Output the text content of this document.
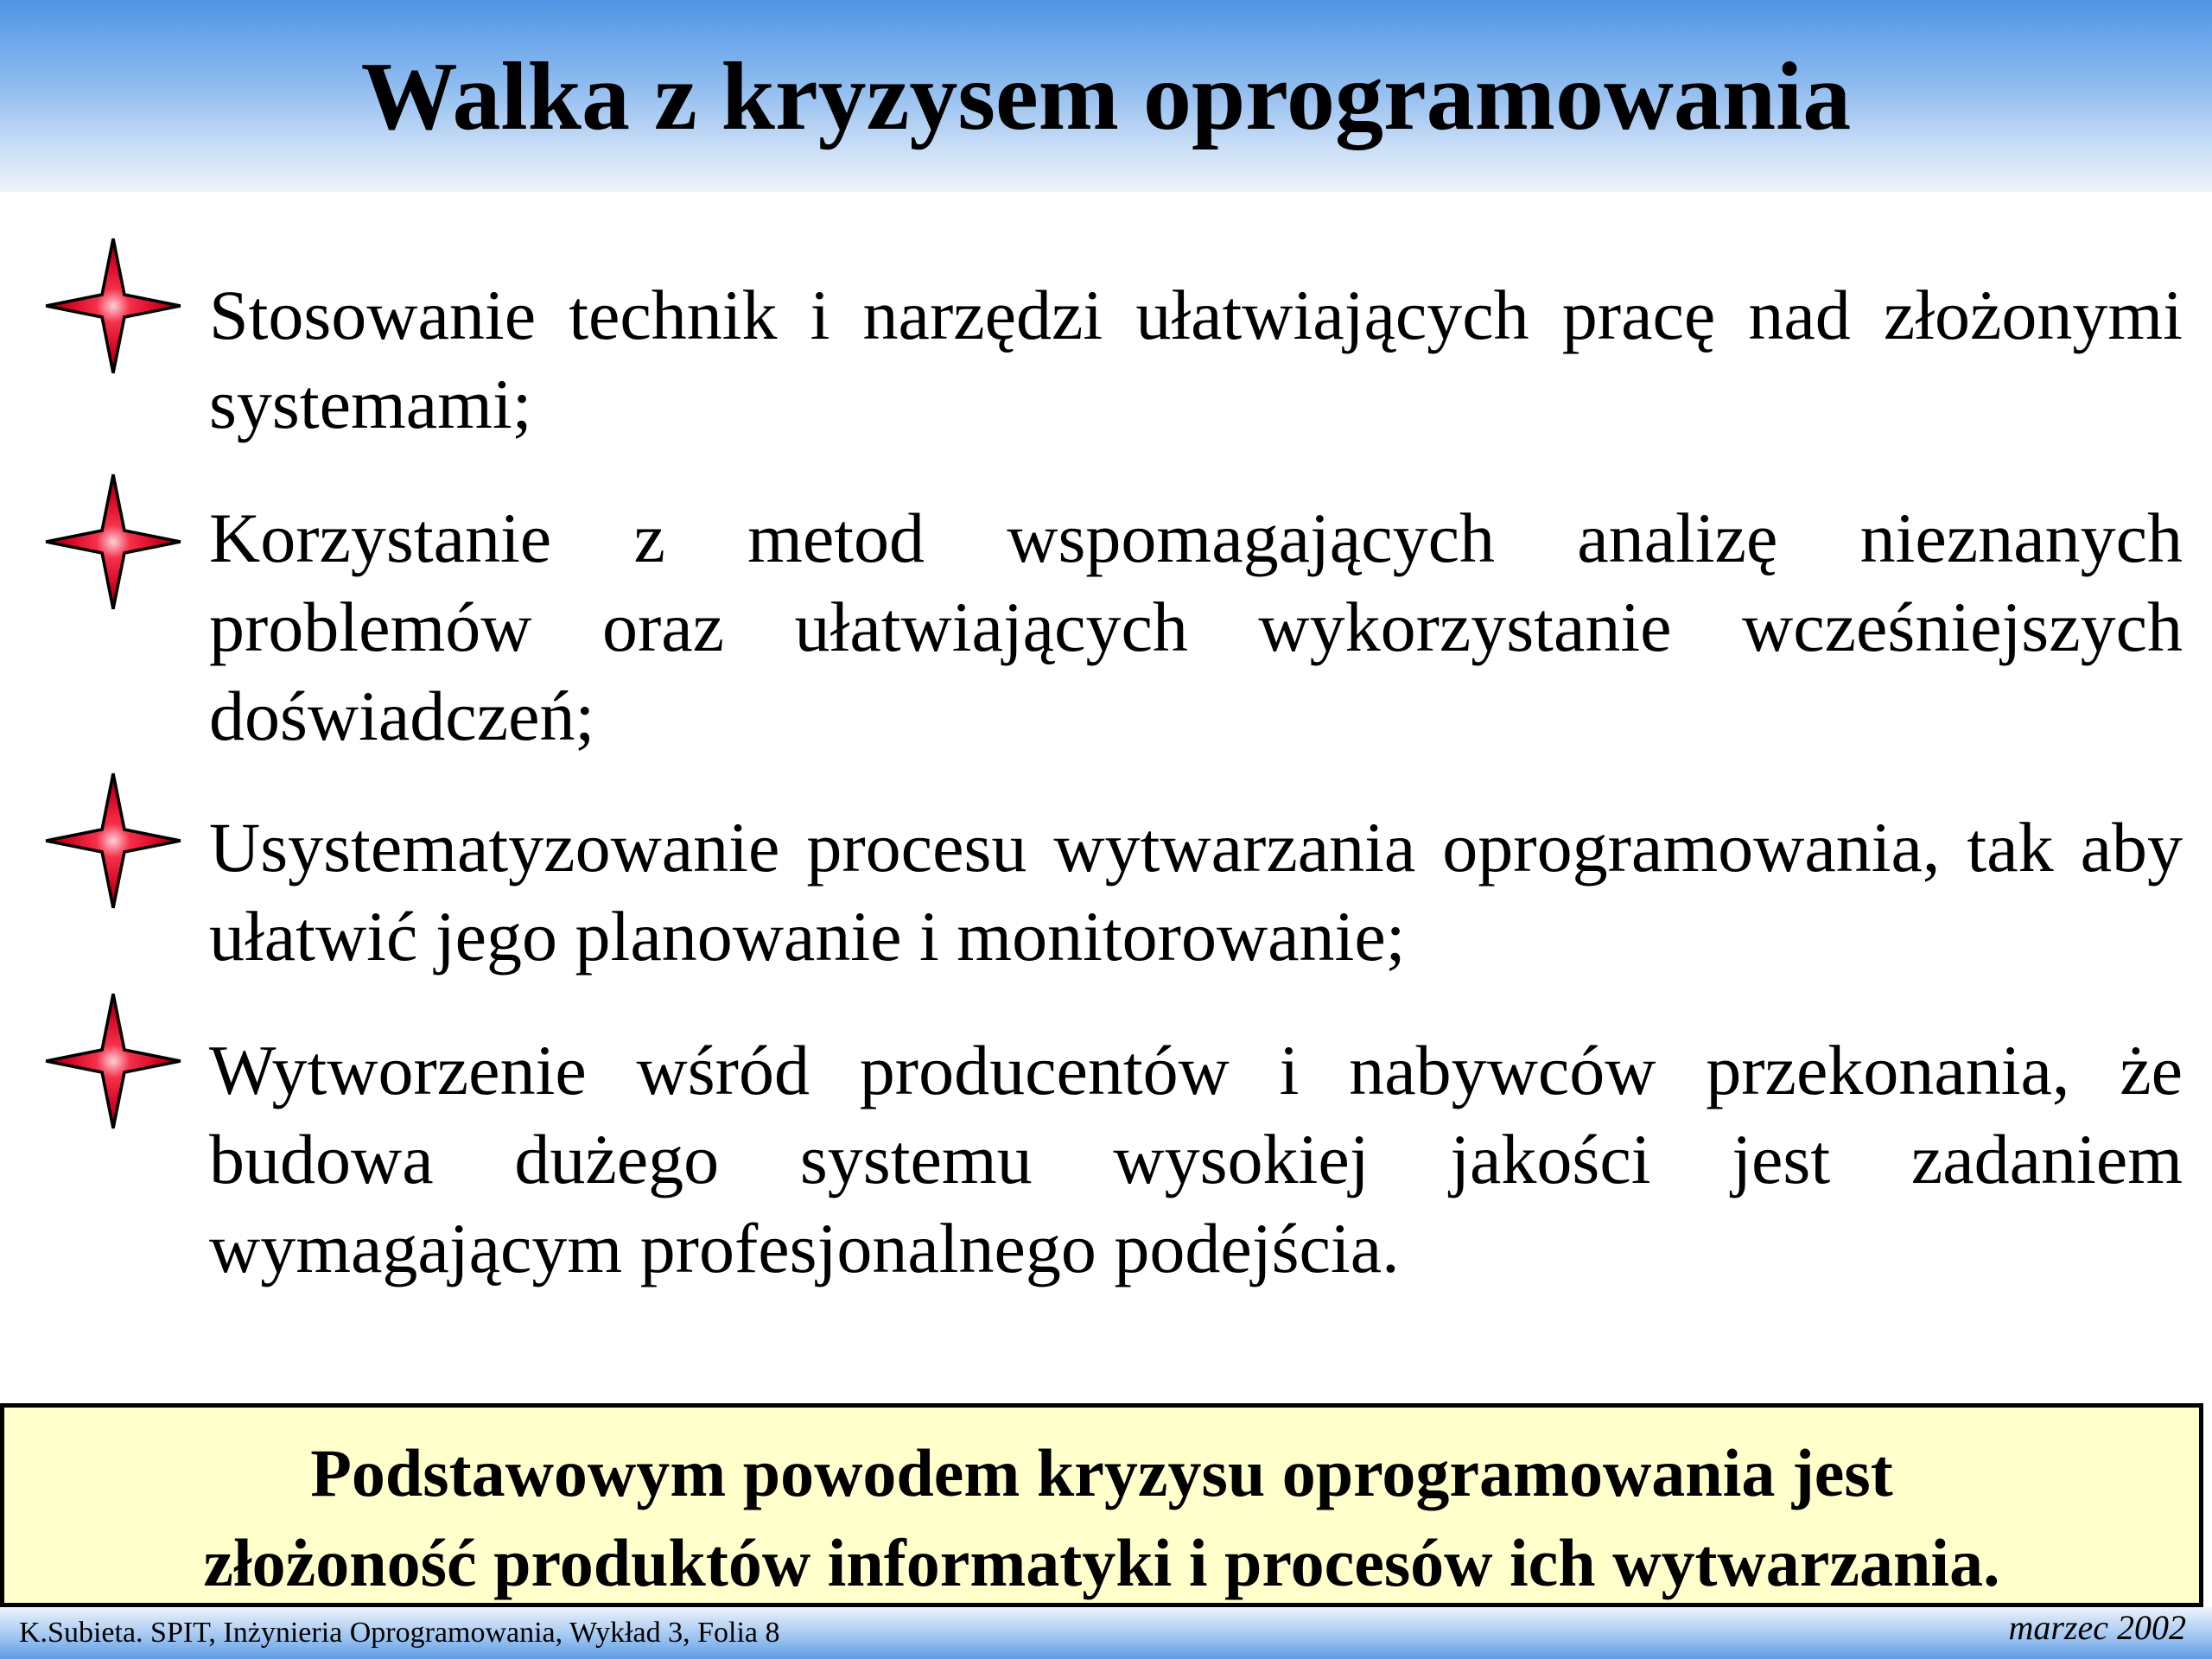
Walka z kryzysem oprogramowania
Stosowanie technik i narzędzi ułatwiających pracę nad złożonymi systemami;
Korzystanie z metod wspomagających analizę nieznanych problemów oraz ułatwiających wykorzystanie wcześniejszych doświadczeń;
Usystematyzowanie procesu wytwarzania oprogramowania, tak aby ułatwić jego planowanie i monitorowanie;
Wytworzenie wśród producentów i nabywców przekonania, że budowa dużego systemu wysokiej jakości jest zadaniem wymagającym profesjonalnego podejścia.
Podstawowym powodem kryzysu oprogramowania jest
złożoność produktów informatyki i procesów ich wytwarzania.
K.Subieta. SPIT, Inżynieria Oprogramowania, Wykład 3, Folia 8	marzec 2002
